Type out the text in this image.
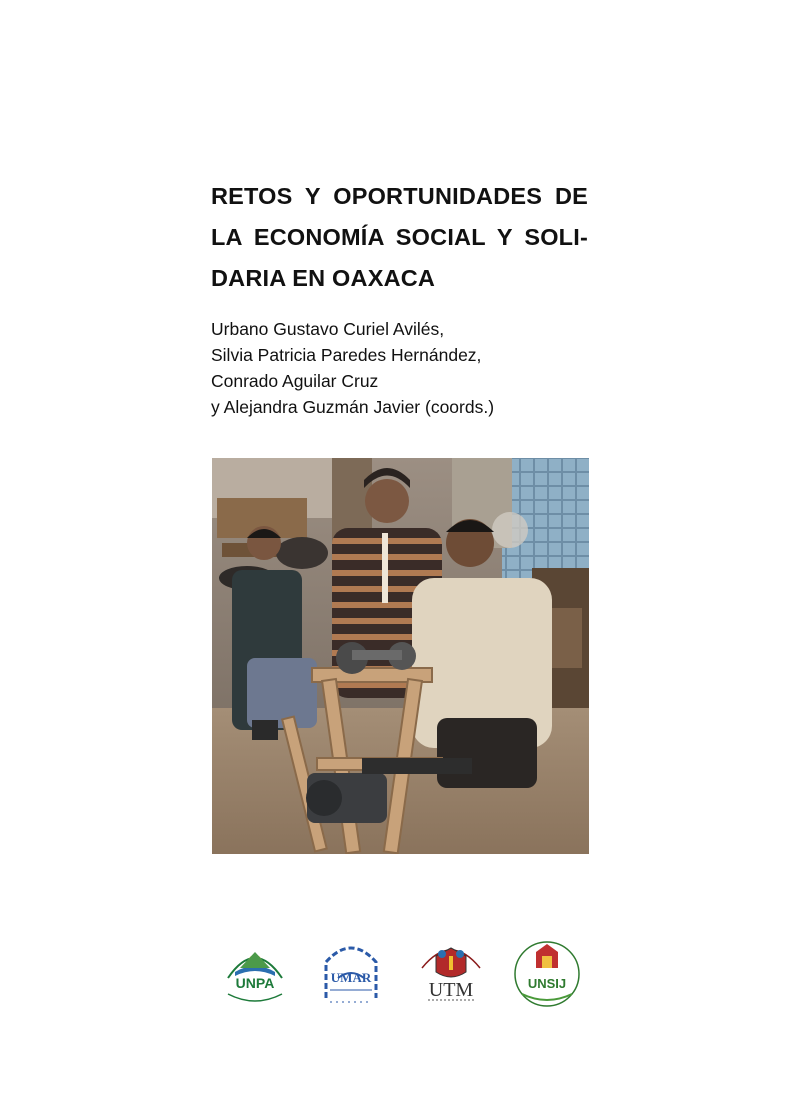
RETOS Y OPORTUNIDADES DE
LA ECONOMÍA SOCIAL Y SOLI-
DARIA EN OAXACA
Urbano Gustavo Curiel Avilés,
Silvia Patricia Paredes Hernández,
Conrado Aguilar Cruz
y Alejandra Guzmán Javier (coords.)
UNPA	UMAR
UTM	UNSIJ
